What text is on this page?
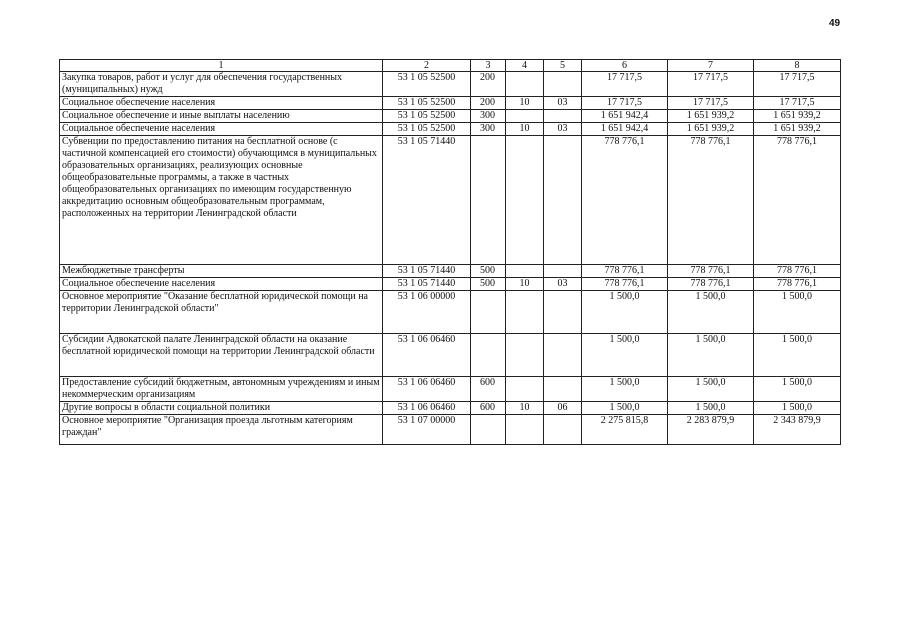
49
1	2	3	4	5	6	7	8
Закупка товаров, работ и услуг для обеспечения государственных (муниципальных) нужд	53 1 05 52500	200			17 717,5	17 717,5	17 717,5
Социальное обеспечение населения	53 1 05 52500	200	10	03	17 717,5	17 717,5	17 717,5
Социальное обеспечение и иные выплаты населению	53 1 05 52500	300			1 651 942,4	1 651 939,2	1 651 939,2
Социальное обеспечение населения	53 1 05 52500	300	10	03	1 651 942,4	1 651 939,2	1 651 939,2
Субвенции по предоставлению питания на бесплатной основе (с частичной компенсацией его стоимости) обучающимся в муниципальных образовательных организациях, реализующих основные общеобразовательные программы, а также в частных общеобразовательных организациях по имеющим государственную аккредитацию основным общеобразовательным программам, расположенных на территории Ленинградской области	53 1 05 71440				778 776,1	778 776,1	778 776,1
Межбюджетные трансферты	53 1 05 71440	500			778 776,1	778 776,1	778 776,1
Социальное обеспечение населения	53 1 05 71440	500	10	03	778 776,1	778 776,1	778 776,1
Основное мероприятие "Оказание бесплатной юридической помощи на территории Ленинградской области"	53 1 06 00000				1 500,0	1 500,0	1 500,0
Субсидии Адвокатской палате Ленинградской области на оказание бесплатной юридической помощи на территории Ленинградской области	53 1 06 06460				1 500,0	1 500,0	1 500,0
Предоставление субсидий бюджетным, автономным учреждениям и иным некоммерческим организациям	53 1 06 06460	600			1 500,0	1 500,0	1 500,0
Другие вопросы в области социальной политики	53 1 06 06460	600	10	06	1 500,0	1 500,0	1 500,0
Основное мероприятие "Организация проезда льготным категориям граждан"	53 1 07 00000				2 275 815,8	2 283 879,9	2 343 879,9
